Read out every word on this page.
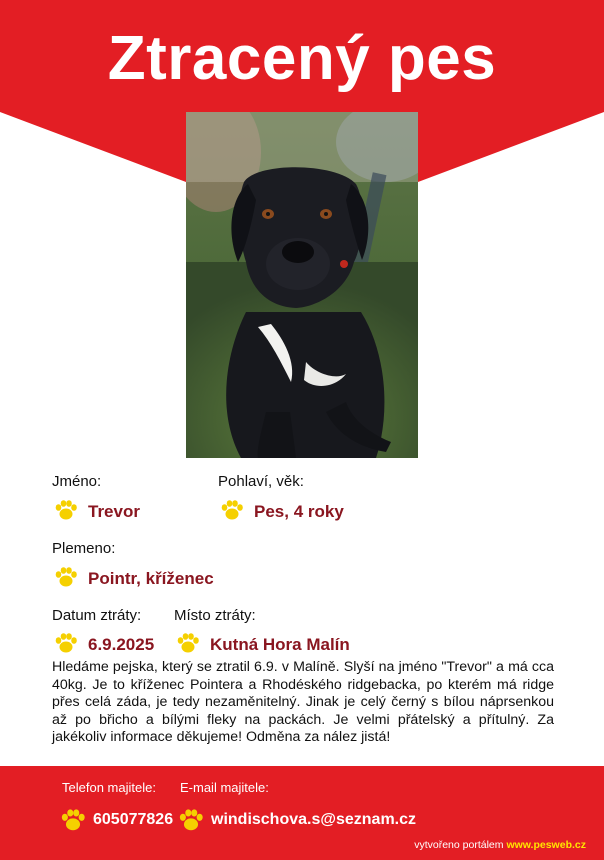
Ztracený pes
Jméno:
Trevor
Pohlaví, věk:
Pes, 4 roky
Plemeno:
Pointr, kříženec
Datum ztráty:
6.9.2025
Místo ztráty:
Kutná Hora Malín
Hledáme pejska, který se ztratil 6.9. v Malíně. Slyší na jméno "Trevor" a má cca 40kg. Je to kříženec Pointera a Rhodéského ridgebacka, po kterém má ridge přes celá záda, je tedy nezaměnitelný. Jinak je celý černý s bílou náprsenkou až po břicho a bílými fleky na packách. Je velmi přátelský a přítulný. Za jakékoliv informace děkujeme! Odměna za nález jistá!
Telefon majitele: E-mail majitele:
605077826 windischova.s@seznam.cz
vytvořeno portálem www.pesweb.cz
